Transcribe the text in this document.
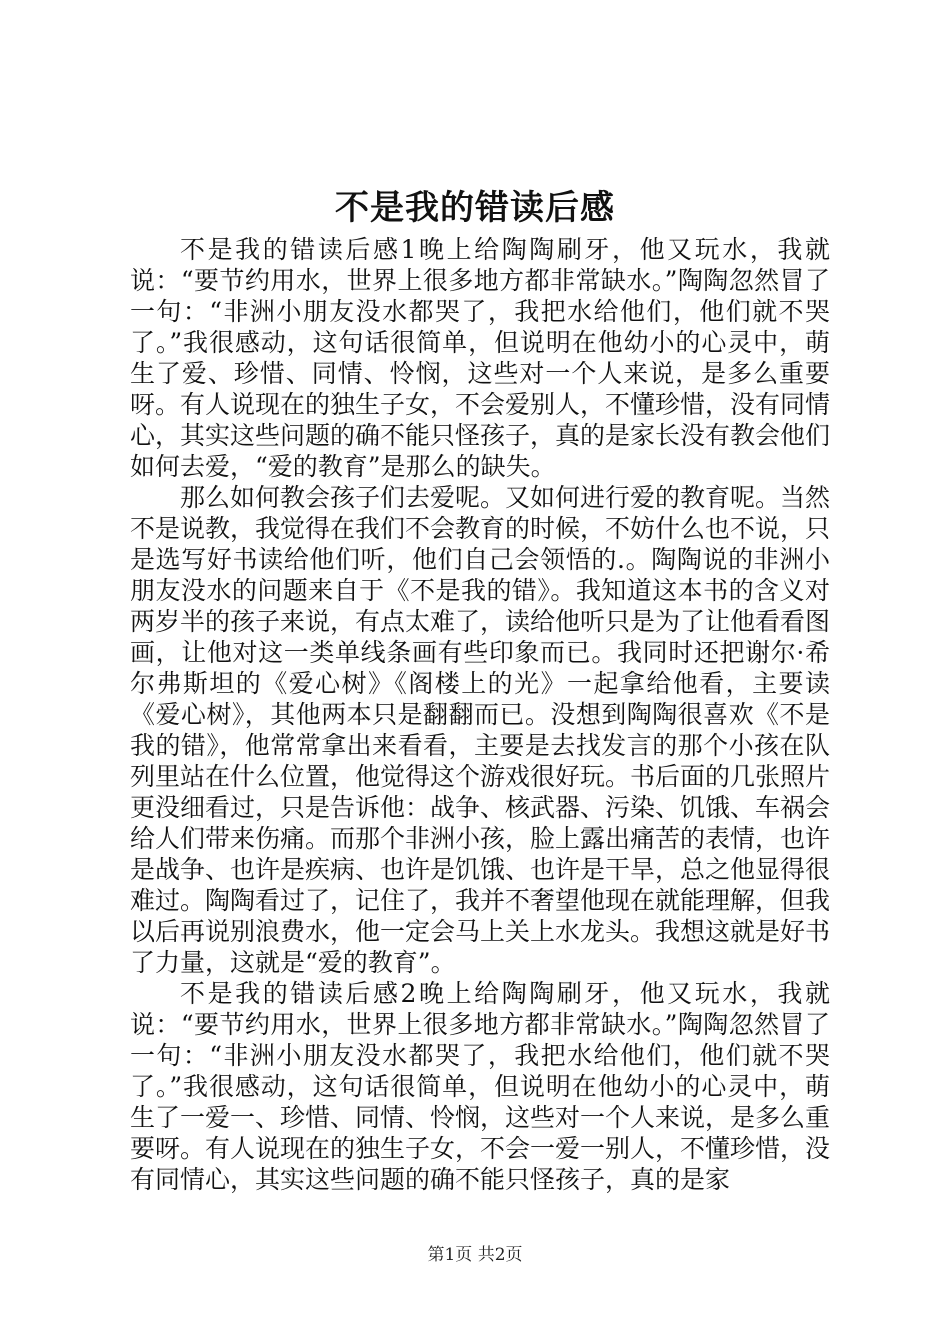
不是我的错读后感

不是我的错读后感1晚上给陶陶刷牙，他又玩水，我就说：“要节约用水，世界上很多地方都非常缺水。”陶陶忽然冒了一句：“非洲小朋友没水都哭了，我把水给他们，他们就不哭了。”我很感动，这句话很简单，但说明在他幼小的心灵中，萌生了爱、珍惜、同情、怜悯，这些对一个人来说，是多么重要呀。有人说现在的独生子女，不会爱别人，不懂珍惜，没有同情心，其实这些问题的确不能只怪孩子，真的是家长没有教会他们如何去爱，“爱的教育”是那么的缺失。

那么如何教会孩子们去爱呢。又如何进行爱的教育呢。当然不是说教，我觉得在我们不会教育的时候，不妨什么也不说，只是选写好书读给他们听，他们自己会领悟的.。陶陶说的非洲小朋友没水的问题来自于《不是我的错》。我知道这本书的含义对两岁半的孩子来说，有点太难了，读给他听只是为了让他看看图画，让他对这一类单线条画有些印象而已。我同时还把谢尔·希尔弗斯坦的《爱心树》《阁楼上的光》一起拿给他看，主要读《爱心树》，其他两本只是翻翻而已。没想到陶陶很喜欢《不是我的错》，他常常拿出来看看，主要是去找发言的那个小孩在队列里站在什么位置，他觉得这个游戏很好玩。书后面的几张照片更没细看过，只是告诉他：战争、核武器、污染、饥饿、车祸会给人们带来伤痛。而那个非洲小孩，脸上露出痛苦的表情，也许是战争、也许是疾病、也许是饥饿、也许是干旱，总之他显得很难过。陶陶看过了，记住了，我并不奢望他现在就能理解，但我以后再说别浪费水，他一定会马上关上水龙头。我想这就是好书了力量，这就是“爱的教育”。

不是我的错读后感2晚上给陶陶刷牙，他又玩水，我就说：“要节约用水，世界上很多地方都非常缺水。”陶陶忽然冒了一句：“非洲小朋友没水都哭了，我把水给他们，他们就不哭了。”我很感动，这句话很简单，但说明在他幼小的心灵中，萌生了一爱一、珍惜、同情、怜悯，这些对一个人来说，是多么重要呀。有人说现在的独生子女，不会一爱一别人，不懂珍惜，没有同情心，其实这些问题的确不能只怪孩子，真的是家

第1页 共2页
